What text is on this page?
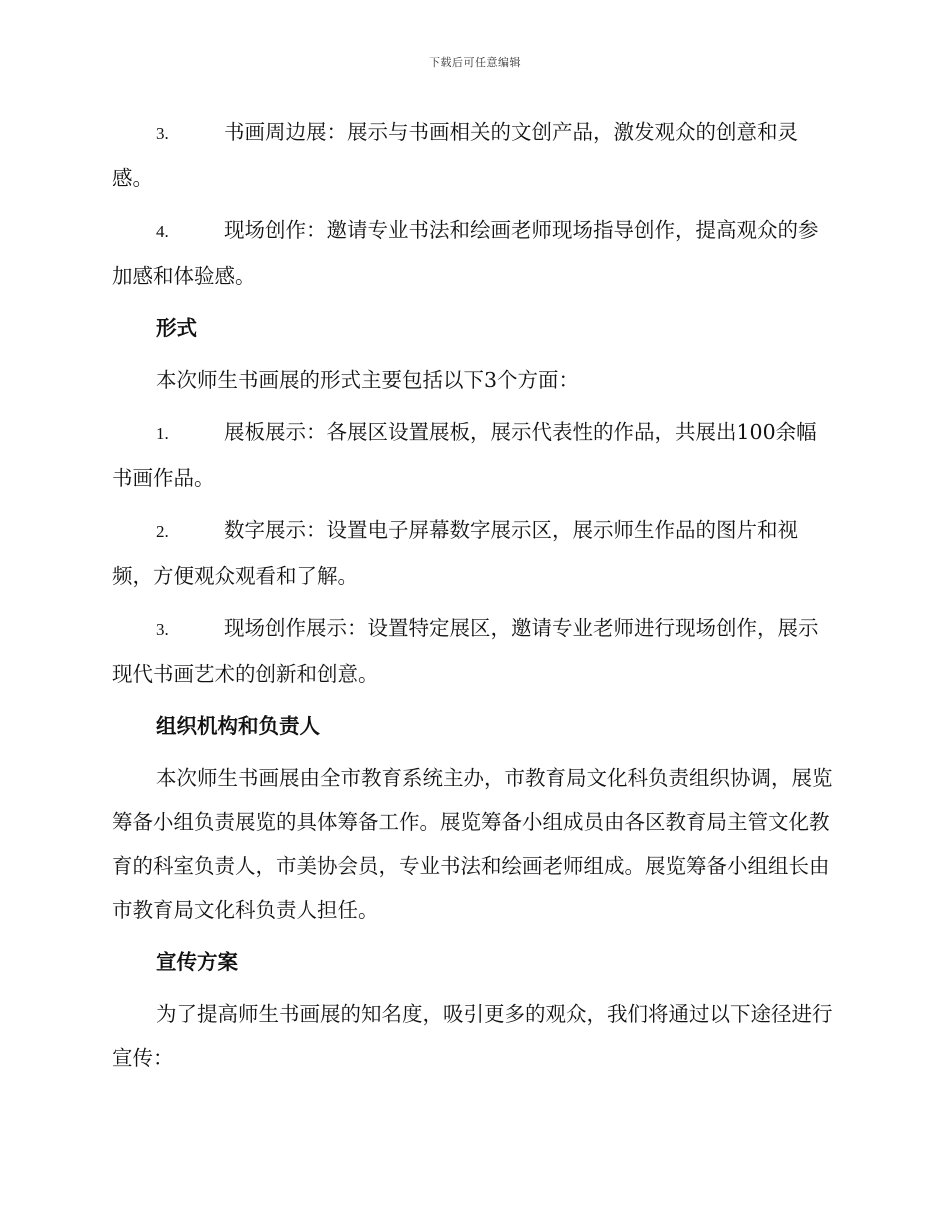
下载后可任意编辑

3.	书画周边展：展示与书画相关的文创产品，激发观众的创意和灵感。

4.	现场创作：邀请专业书法和绘画老师现场指导创作，提高观众的参加感和体验感。

形式

本次师生书画展的形式主要包括以下3个方面：

1.	展板展示：各展区设置展板，展示代表性的作品，共展出100余幅书画作品。

2.	数字展示：设置电子屏幕数字展示区，展示师生作品的图片和视频，方便观众观看和了解。

3.	现场创作展示：设置特定展区，邀请专业老师进行现场创作，展示现代书画艺术的创新和创意。

组织机构和负责人

本次师生书画展由全市教育系统主办，市教育局文化科负责组织协调，展览筹备小组负责展览的具体筹备工作。展览筹备小组成员由各区教育局主管文化教育的科室负责人，市美协会员，专业书法和绘画老师组成。展览筹备小组组长由市教育局文化科负责人担任。

宣传方案

为了提高师生书画展的知名度，吸引更多的观众，我们将通过以下途径进行宣传：
